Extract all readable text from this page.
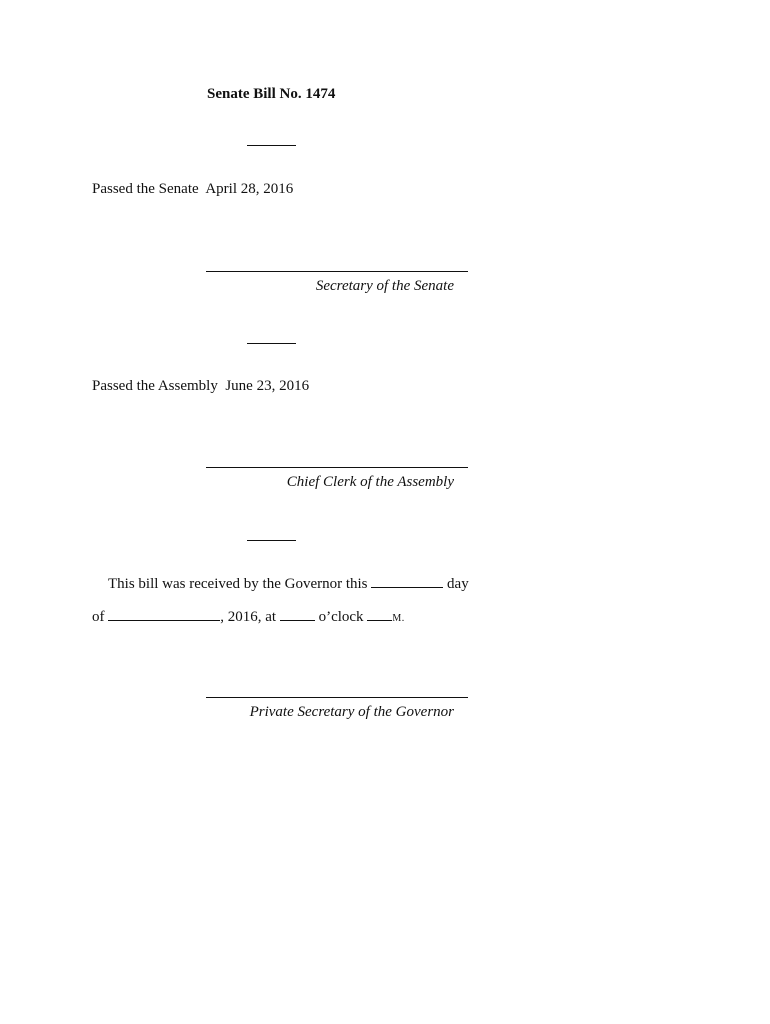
Senate Bill No. 1474
Passed the Senate April 28, 2016
Secretary of the Senate
Passed the Assembly June 23, 2016
Chief Clerk of the Assembly
This bill was received by the Governor this	day
of	, 2016, at	o’clock	M.
Private Secretary of the Governor
